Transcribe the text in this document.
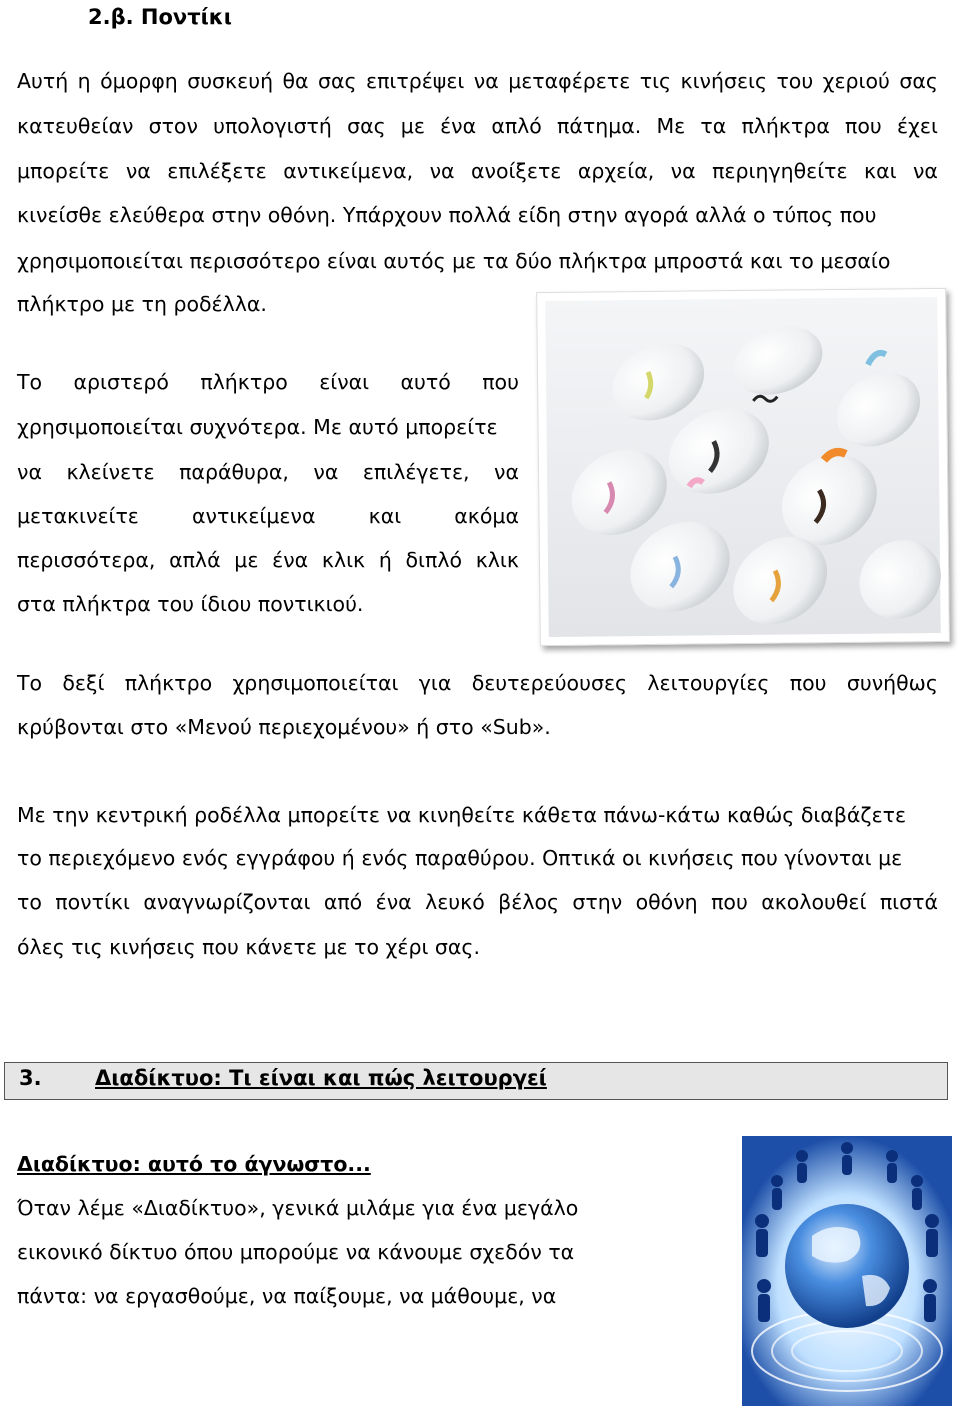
2.β. Ποντίκι
Αυτή η όμορφη συσκευή θα σας επιτρέψει να μεταφέρετε τις κινήσεις του χεριού σας
κατευθείαν στον υπολογιστή σας με ένα απλό πάτημα. Με τα πλήκτρα που έχει
μπορείτε να επιλέξετε αντικείμενα, να ανοίξετε αρχεία, να περιηγηθείτε και να
κινείσθε ελεύθερα στην οθόνη. Υπάρχουν πολλά είδη στην αγορά αλλά ο τύπος που
χρησιμοποιείται περισσότερο είναι αυτός με τα δύο πλήκτρα μπροστά και το μεσαίο
πλήκτρο με τη ροδέλλα.
Το αριστερό πλήκτρο είναι αυτό που
χρησιμοποιείται συχνότερα. Με αυτό μπορείτε
να κλείνετε παράθυρα, να επιλέγετε, να
μετακινείτε	αντικείμενα	και	ακόμα
περισσότερα, απλά με ένα κλικ ή διπλό κλικ
στα πλήκτρα του ίδιου ποντικιού.
Το δεξί πλήκτρο χρησιμοποιείται για δευτερεύουσες λειτουργίες που συνήθως
κρύβονται στο «Μενού περιεχομένου» ή στο «Sub».
Με την κεντρική ροδέλλα μπορείτε να κινηθείτε κάθετα πάνω-κάτω καθώς διαβάζετε
το περιεχόμενο ενός εγγράφου ή ενός παραθύρου. Οπτικά οι κινήσεις που γίνονται με
το ποντίκι αναγνωρίζονται από ένα λευκό βέλος στην οθόνη που ακολουθεί πιστά
όλες τις κινήσεις που κάνετε με το χέρι σας.
3.	Διαδίκτυο: Τι είναι και πώς λειτουργεί
Διαδίκτυο: αυτό το άγνωστο...
Όταν λέμε «Διαδίκτυο», γενικά μιλάμε για ένα μεγάλο
εικονικό δίκτυο όπου μπορούμε να κάνουμε σχεδόν τα
πάντα: να εργασθούμε, να παίξουμε, να μάθουμε, να
